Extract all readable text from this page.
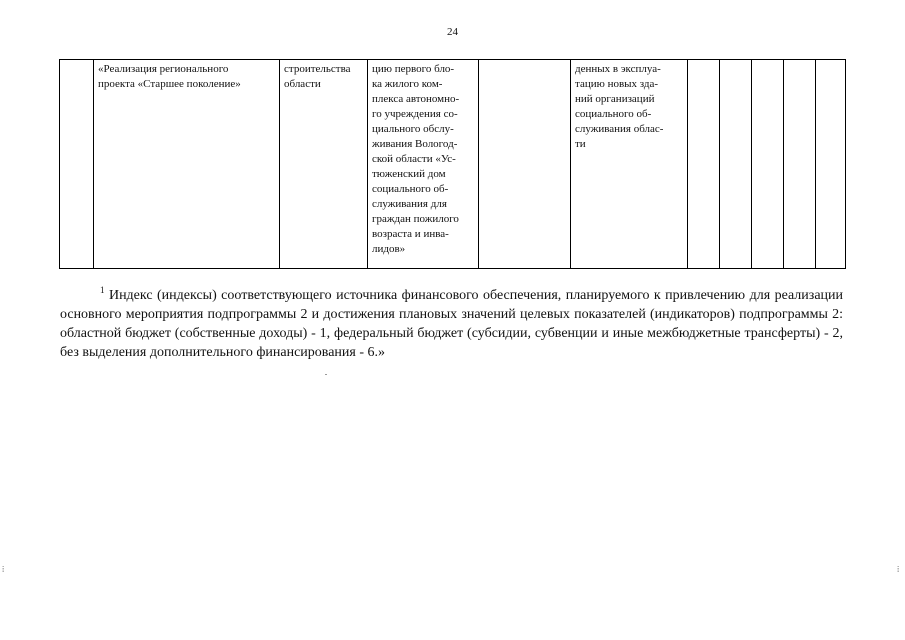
24
	«Реализация регионального
проекта «Старшее поколение»	строительства
области	цию первого бло-
ка жилого ком-
плекса автономно-
го учреждения со-
циального обслу-
живания Вологод-
ской области «Ус-
тюженский дом
социального об-
служивания для
граждан пожилого
возраста и инва-
лидов»		денных в эксплуа-
тацию новых зда-
ний организаций
социального об-
служивания облас-
ти					
$^1$ Индекс (индексы) соответствующего источника финансового обеспечения, планируемого к привлечению для реализации основного мероприятия подпрограммы 2 и достижения плановых значений целевых показателей (индикаторов) подпрограммы 2: областной бюджет (собственные доходы) - 1, федеральный бюджет (субсидии, субвенции и иные межбюджетные трансферты) - 2, без выделения дополнительного финансирования - 6.»
⁞	⁞
